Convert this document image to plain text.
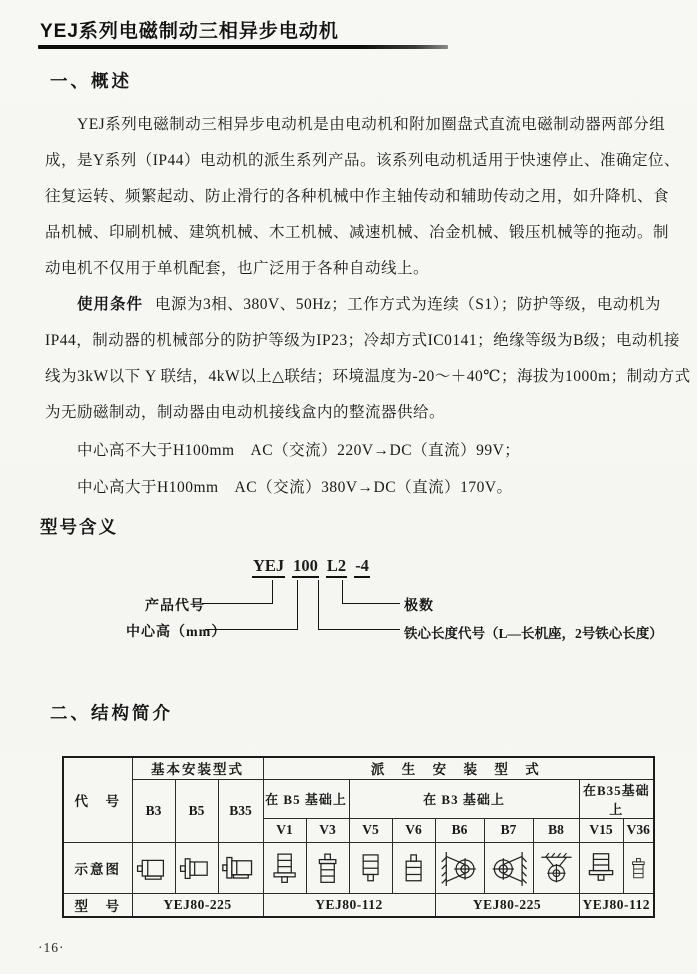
YEJ系列电磁制动三相异步电动机
一、概述
YEJ系列电磁制动三相异步电动机是由电动机和附加圈盘式直流电磁制动器两部分组
成，是Y系列（IP44）电动机的派生系列产品。该系列电动机适用于快速停止、准确定位、
往复运转、频繁起动、防止滑行的各种机械中作主轴传动和辅助传动之用，如升降机、食
品机械、印刷机械、建筑机械、木工机械、减速机械、冶金机械、锻压机械等的拖动。制
动电机不仅用于单机配套，也广泛用于各种自动线上。
使用条件 电源为3相、380V、50Hz；工作方式为连续（S1）；防护等级，电动机为
IP44，制动器的机械部分的防护等级为IP23；冷却方式IC0141；绝缘等级为B级；电动机接
线为3kW以下 Y 联结，4kW以上△联结；环境温度为-20～＋40℃；海拔为1000m；制动方式
为无励磁制动，制动器由电动机接线盒内的整流器供给。
中心高不大于H100mm　AC（交流）220V→DC（直流）99V；
中心高大于H100mm　AC（交流）380V→DC（直流）170V。
型号含义
YEJ 100 L2 -4
产品代号	极数
中心高（mm）	铁心长度代号（L—长机座，2号铁心长度）
二、结构简介
代　号	基本安装型式			派 生 安 装 型 式								
	B3	B5	B35	在 B5 基础上		在 B3 基础上					在B35基础上	
				V1	V3	V5	V6	B6	B7	B8	V15	V36
示意图	

型　号	YEJ80-225			YEJ80-112				YEJ80-225			YEJ80-112	
·16·
